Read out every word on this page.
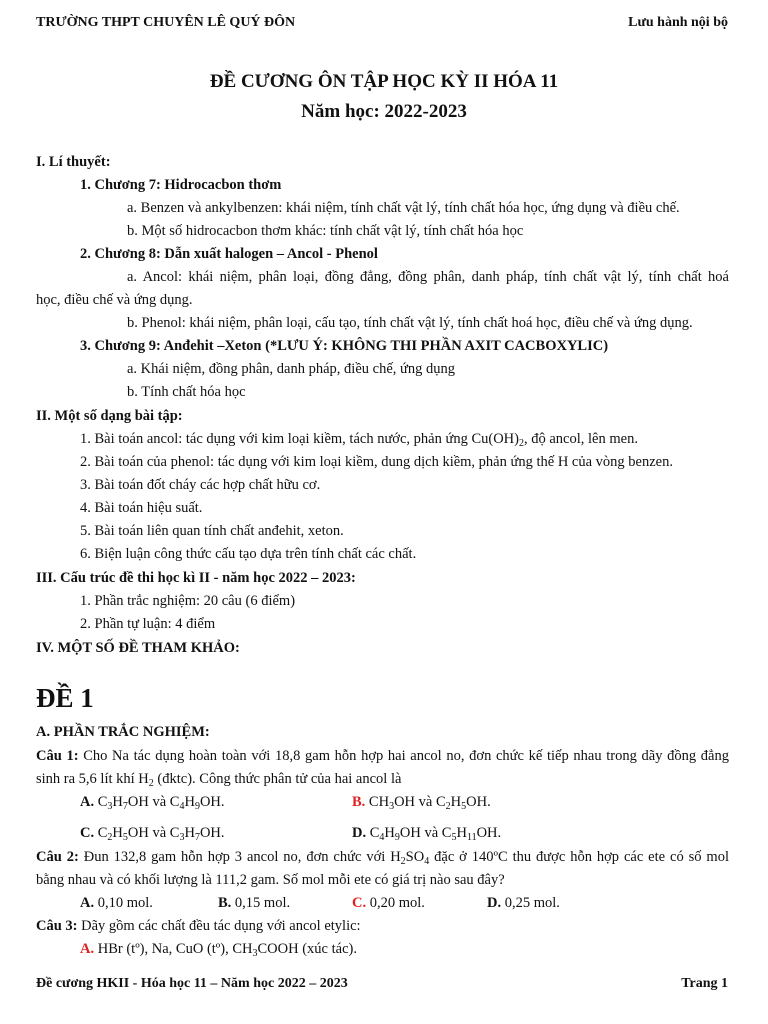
TRƯỜNG THPT CHUYÊN LÊ QUÝ ĐÔN	Lưu hành nội bộ
ĐỀ CƯƠNG ÔN TẬP HỌC KỲ II HÓA 11
Năm học: 2022-2023
I. Lí thuyết:
1. Chương 7: Hidrocacbon thơm
a. Benzen và ankylbenzen: khái niệm, tính chất vật lý, tính chất hóa học, ứng dụng và điều chế.
b. Một số hidrocacbon thơm khác: tính chất vật lý, tính chất hóa học
2. Chương 8: Dẫn xuất halogen – Ancol - Phenol
a. Ancol: khái niệm, phân loại, đồng đẳng, đồng phân, danh pháp, tính chất vật lý, tính chất hoá
học, điều chế và ứng dụng.
b. Phenol: khái niệm, phân loại, cấu tạo, tính chất vật lý, tính chất hoá học, điều chế và ứng dụng.
3. Chương 9: Anđehit –Xeton (*LƯU Ý: KHÔNG THI PHẦN AXIT CACBOXYLIC)
a. Khái niệm, đồng phân, danh pháp, điều chế, ứng dụng
b. Tính chất hóa học
II. Một số dạng bài tập:
1. Bài toán ancol: tác dụng với kim loại kiềm, tách nước, phản ứng $Cu(OH)_2$, độ ancol, lên men.
2. Bài toán của phenol: tác dụng với kim loại kiềm, dung dịch kiềm, phản ứng thế H của vòng benzen.
3. Bài toán đốt cháy các hợp chất hữu cơ.
4. Bài toán hiệu suất.
5. Bài toán liên quan tính chất anđehit, xeton.
6. Biện luận công thức cấu tạo dựa trên tính chất các chất.
III. Cấu trúc đề thi học kì II - năm học 2022 – 2023:
1. Phần trắc nghiệm: 20 câu (6 điểm)
2. Phần tự luận: 4 điểm
IV. MỘT SỐ ĐỀ THAM KHẢO:
ĐỀ 1
A. PHẦN TRẮC NGHIỆM:
Câu 1: Cho Na tác dụng hoàn toàn với 18,8 gam hỗn hợp hai ancol no, đơn chức kế tiếp nhau trong dãy đồng đẳng
sinh ra 5,6 lít khí $H_2$ (đktc). Công thức phân tử của hai ancol là
A. $C_3H_7OH$ và $C_4H_9OH$.	B. $CH_3OH$ và $C_2H_5OH$.
C. $C_2H_5OH$ và $C_3H_7OH$.	D. $C_4H_9OH$ và $C_5H_{11}OH$.
Câu 2: Đun 132,8 gam hỗn hợp 3 ancol no, đơn chức với $H_2SO_4$ đặc ở 140ºC thu được hỗn hợp các ete có số mol
bằng nhau và có khối lượng là 111,2 gam. Số mol mỗi ete có giá trị nào sau đây?
A. 0,10 mol.	B. 0,15 mol.	C. 0,20 mol.	D. 0,25 mol.
Câu 3: Dãy gồm các chất đều tác dụng với ancol etylic:
A. HBr (tº), Na, CuO (tº), $CH_3COOH$ (xúc tác).
Đề cương HKII - Hóa học 11 – Năm học 2022 – 2023	Trang 1
